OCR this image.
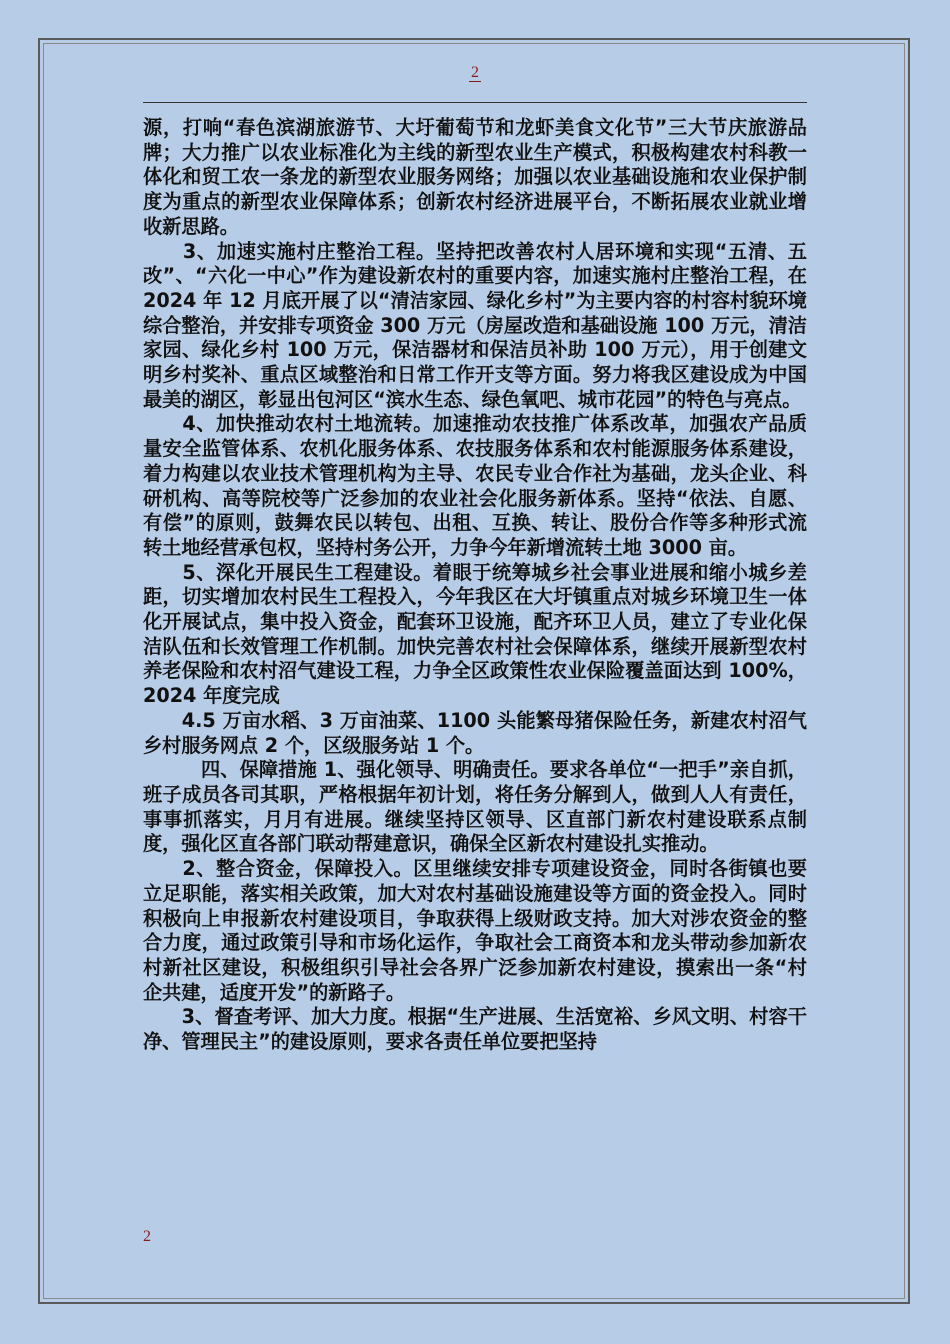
2

源，打响“春色滨湖旅游节、大圩葡萄节和龙虾美食文化节”三大节庆旅游品牌；大力推广以农业标准化为主线的新型农业生产模式，积极构建农村科教一体化和贸工农一条龙的新型农业服务网络；加强以农业基础设施和农业保护制度为重点的新型农业保障体系；创新农村经济进展平台，不断拓展农业就业增收新思路。

　　3、加速实施村庄整治工程。坚持把改善农村人居环境和实现“五清、五改”、“六化一中心”作为建设新农村的重要内容，加速实施村庄整治工程，在 2024 年 12 月底开展了以“清洁家园、绿化乡村”为主要内容的村容村貌环境综合整治，并安排专项资金 300 万元（房屋改造和基础设施 100 万元，清洁家园、绿化乡村 100 万元，保洁器材和保洁员补助 100 万元），用于创建文明乡村奖补、重点区域整治和日常工作开支等方面。努力将我区建设成为中国最美的湖区，彰显出包河区“滨水生态、绿色氧吧、城市花园”的特色与亮点。

　　4、加快推动农村土地流转。加速推动农技推广体系改革，加强农产品质量安全监管体系、农机化服务体系、农技服务体系和农村能源服务体系建设，着力构建以农业技术管理机构为主导、农民专业合作社为基础，龙头企业、科研机构、高等院校等广泛参加的农业社会化服务新体系。坚持“依法、自愿、有偿”的原则，鼓舞农民以转包、出租、互换、转让、股份合作等多种形式流转土地经营承包权，坚持村务公开，力争今年新增流转土地 3000 亩。

　　5、深化开展民生工程建设。着眼于统筹城乡社会事业进展和缩小城乡差距，切实增加农村民生工程投入，今年我区在大圩镇重点对城乡环境卫生一体化开展试点，集中投入资金，配套环卫设施，配齐环卫人员，建立了专业化保洁队伍和长效管理工作机制。加快完善农村社会保障体系，继续开展新型农村养老保险和农村沼气建设工程，力争全区政策性农业保险覆盖面达到 100%，2024 年度完成

　　4.5 万亩水稻、3 万亩油菜、1100 头能繁母猪保险任务，新建农村沼气乡村服务网点 2 个，区级服务站 1 个。

　　　四、保障措施 1、强化领导、明确责任。要求各单位“一把手”亲自抓，班子成员各司其职，严格根据年初计划，将任务分解到人，做到人人有责任，事事抓落实，月月有进展。继续坚持区领导、区直部门新农村建设联系点制度，强化区直各部门联动帮建意识，确保全区新农村建设扎实推动。

　　2、整合资金，保障投入。区里继续安排专项建设资金，同时各街镇也要立足职能，落实相关政策，加大对农村基础设施建设等方面的资金投入。同时积极向上申报新农村建设项目，争取获得上级财政支持。加大对涉农资金的整合力度，通过政策引导和市场化运作，争取社会工商资本和龙头带动参加新农村新社区建设，积极组织引导社会各界广泛参加新农村建设，摸索出一条“村企共建，适度开发”的新路子。

　　3、督查考评、加大力度。根据“生产进展、生活宽裕、乡风文明、村容干净、管理民主”的建设原则，要求各责任单位要把坚持

2
